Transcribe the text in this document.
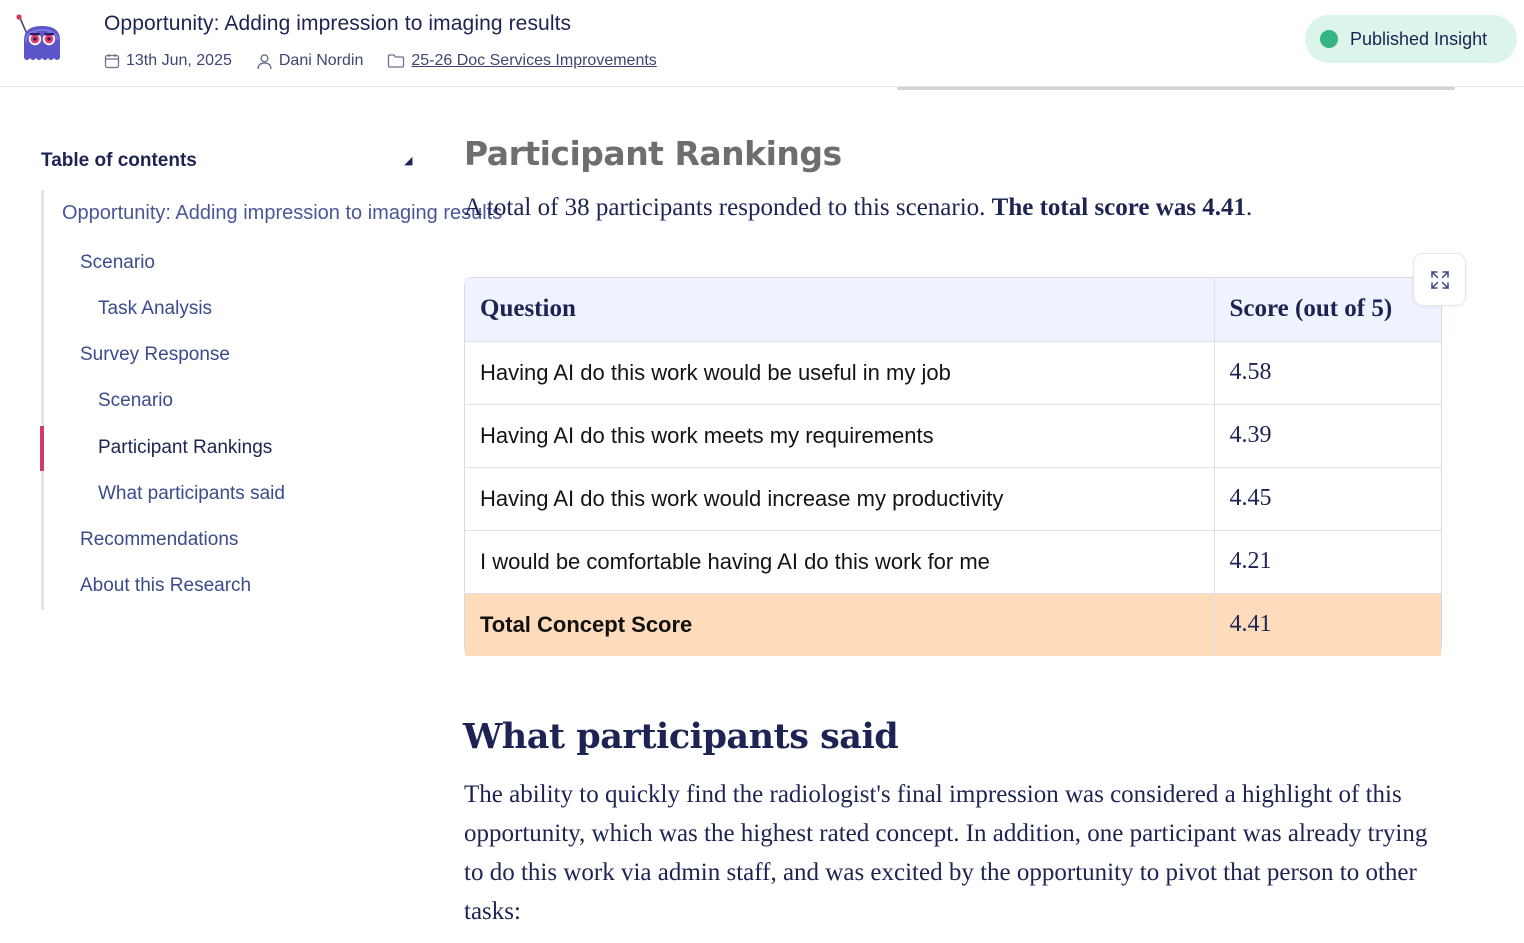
Opportunity: Adding impression to imaging results
13th Jun, 2025	Dani Nordin	25-26 Doc Services Improvements
Published Insight
Table of contents	◢
Opportunity: Adding impression to imaging results
Scenario
Task Analysis
Survey Response
Scenario
Participant Rankings
What participants said
Recommendations
About this Research
Participant Rankings
A total of 38 participants responded to this scenario. The total score was 4.41.
Question	Score (out of 5)
Having AI do this work would be useful in my job	4.58
Having AI do this work meets my requirements	4.39
Having AI do this work would increase my productivity	4.45
I would be comfortable having AI do this work for me	4.21
Total Concept Score	4.41
What participants said
The ability to quickly find the radiologist's final impression was considered a highlight of this opportunity, which was the highest rated concept. In addition, one participant was already trying to do this work via admin staff, and was excited by the opportunity to pivot that person to other tasks:
